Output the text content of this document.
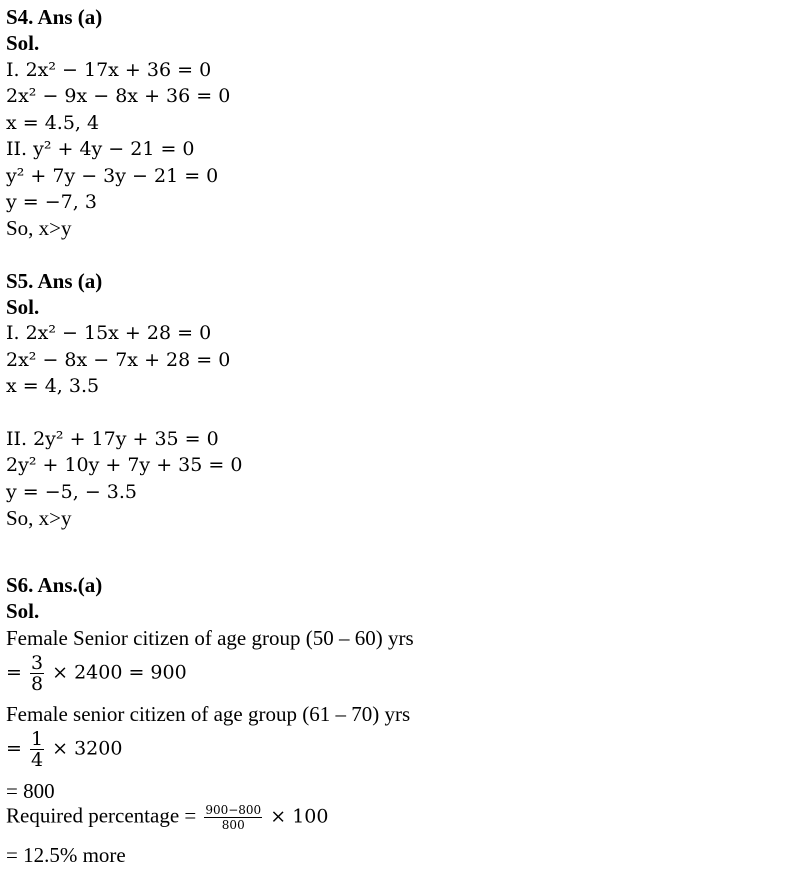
S4. Ans (a)
Sol.
I. 2x² − 17x + 36 = 0
2x² − 9x − 8x + 36 = 0
x = 4.5, 4
II. y² + 4y − 21 = 0
y² + 7y − 3y − 21 = 0
y = −7, 3
So, x>y
S5. Ans (a)
Sol.
I. 2x² − 15x + 28 = 0
2x² − 8x − 7x + 28 = 0
x = 4, 3.5
II. 2y² + 17y + 35 = 0
2y² + 10y + 7y + 35 = 0
y = −5, − 3.5
So, x>y
S6. Ans.(a)
Sol.
Female Senior citizen of age group (50 – 60) yrs
= $\frac{3}{8} \times 2400 = 900$
Female senior citizen of age group (61 – 70) yrs
= $\frac{1}{4} \times 3200$
= 800
Required percentage = $\frac{900-800}{800} \times 100$
= 12.5% more
